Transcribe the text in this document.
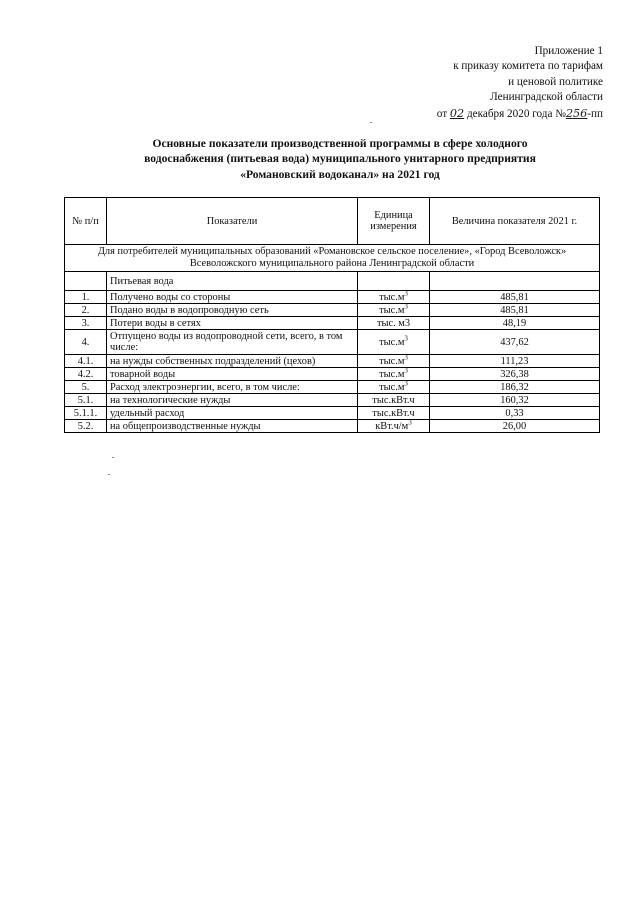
Приложение 1
к приказу комитета по тарифам
и ценовой политике
Ленинградской области
от 02 декабря 2020 года №256-пп
Основные показатели производственной программы в сфере холодного
водоснабжения (питьевая вода) муниципального унитарного предприятия
«Романовский водоканал» на 2021 год
№ п/п	Показатели	Единица измерения	Величина показателя 2021 г.
Для потребителей муниципальных образований «Романовское сельское поселение», «Город Всеволожск» Всеволожского муниципального района Ленинградской области			
	Питьевая вода		
1.	Получено воды со стороны	$тыс.м^3$	485,81
2.	Подано воды в водопроводную сеть	$тыс.м^3$	485,81
3.	Потери воды в сетях	тыс. м3	48,19
4.	Отпущено воды из водопроводной сети, всего, в том числе:	$тыс.м^3$	437,62
4.1.	на нужды собственных подразделений (цехов)	$тыс.м^3$	111,23
4.2.	товарной воды	$тыс.м^3$	326,38
5.	Расход электроэнергии, всего, в том числе:	$тыс.м^3$	186,32
5.1.	на технологические нужды	тыс.кВт.ч	160,32
5.1.1.	удельный расход	тыс.кВт.ч	0,33
5.2.	на общепроизводственные нужды	$кВт.ч/м^3$	26,00
